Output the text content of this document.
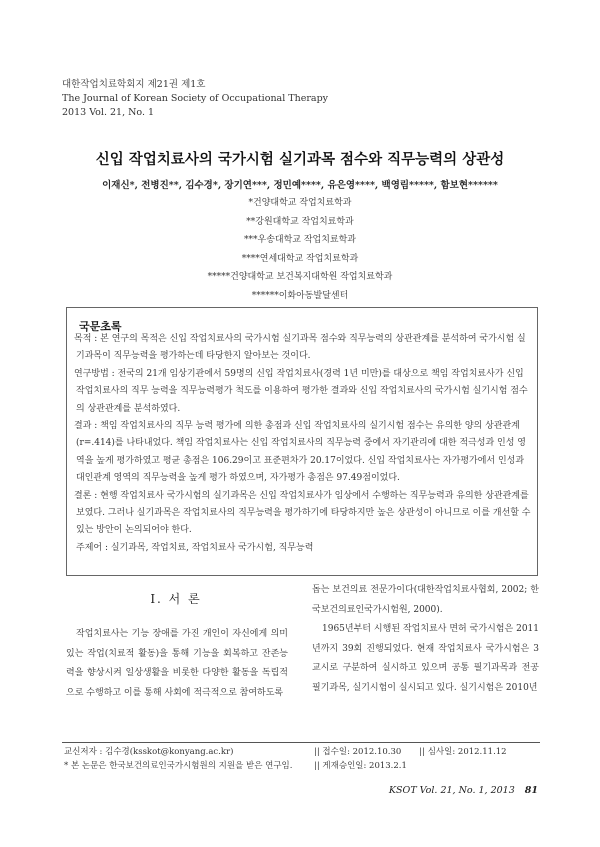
대한작업치료학회지 제21권 제1호
The Journal of Korean Society of Occupational Therapy
2013 Vol. 21, No. 1
신입 작업치료사의 국가시험 실기과목 점수와 직무능력의 상관성
이재신*, 전병진**, 김수경*, 장기연***, 정민예****, 유은영****, 백영림*****, 함보현******
*건양대학교 작업치료학과
**강원대학교 작업치료학과
***우송대학교 작업치료학과
****연세대학교 작업치료학과
*****건양대학교 보건복지대학원 작업치료학과
******이화아동발달센터
국문초록

목적 : 본 연구의 목적은 신입 작업치료사의 국가시험 실기과목 점수와 직무능력의 상관관계를 분석하여 국가시험 실기과목이 직무능력을 평가하는데 타당한지 알아보는 것이다.

연구방법 : 전국의 21개 임상기관에서 59명의 신입 작업치료사(경력 1년 미만)를 대상으로 책임 작업치료사가 신입 작업치료사의 직무 능력을 직무능력평가 척도를 이용하여 평가한 결과와 신입 작업치료사의 국가시험 실기시험 점수의 상관관계를 분석하였다.

결과 : 책임 작업치료사의 직무 능력 평가에 의한 총점과 신입 작업치료사의 실기시험 점수는 유의한 양의 상관관계(r=.414)를 나타내었다. 책임 작업치료사는 신입 작업치료사의 직무능력 중에서 자기관리에 대한 적극성과 인성 영역을 높게 평가하였고 평균 총점은 106.29이고 표준편차가 20.17이었다. 신입 작업치료사는 자가평가에서 인성과 대인관계 영역의 직무능력을 높게 평가 하였으며, 자가평가 총점은 97.49점이었다.

결론 : 현행 작업치료사 국가시험의 실기과목은 신입 작업치료사가 임상에서 수행하는 직무능력과 유의한 상관관계를 보였다. 그러나 실기과목은 작업치료사의 직무능력을 평가하기에 타당하지만 높은 상관성이 아니므로 이를 개선할 수 있는 방안이 논의되어야 한다.

주제어 : 실기과목, 작업치료, 작업치료사 국가시험, 직무능력
Ⅰ. 서 론
작업치료사는 기능 장애를 가진 개인이 자신에게 의미 있는 작업(치료적 활동)을 통해 기능을 회복하고 잔존능력을 향상시켜 일상생활을 비롯한 다양한 활동을 독립적으로 수행하고 이를 통해 사회에 적극적으로 참여하도록

돕는 보건의료 전문가이다(대한작업치료사협회, 2002; 한국보건의료인국가시험원, 2000).

1965년부터 시행된 작업치료사 면허 국가시험은 2011년까지 39회 진행되었다. 현재 작업치료사 국가시험은 3교시로 구분하여 실시하고 있으며 공통 필기과목과 전공 필기과목, 실기시험이 실시되고 있다. 실기시험은 2010년

교신저자 : 김수경(ksskot@konyang.ac.kr)
* 본 논문은 한국보건의료인국가시험원의 지원을 받은 연구임.
|| 접수일: 2012.10.30 || 심사일: 2012.11.12
|| 게재승인일: 2013.2.1
KSOT Vol. 21, No. 1, 2013 81
